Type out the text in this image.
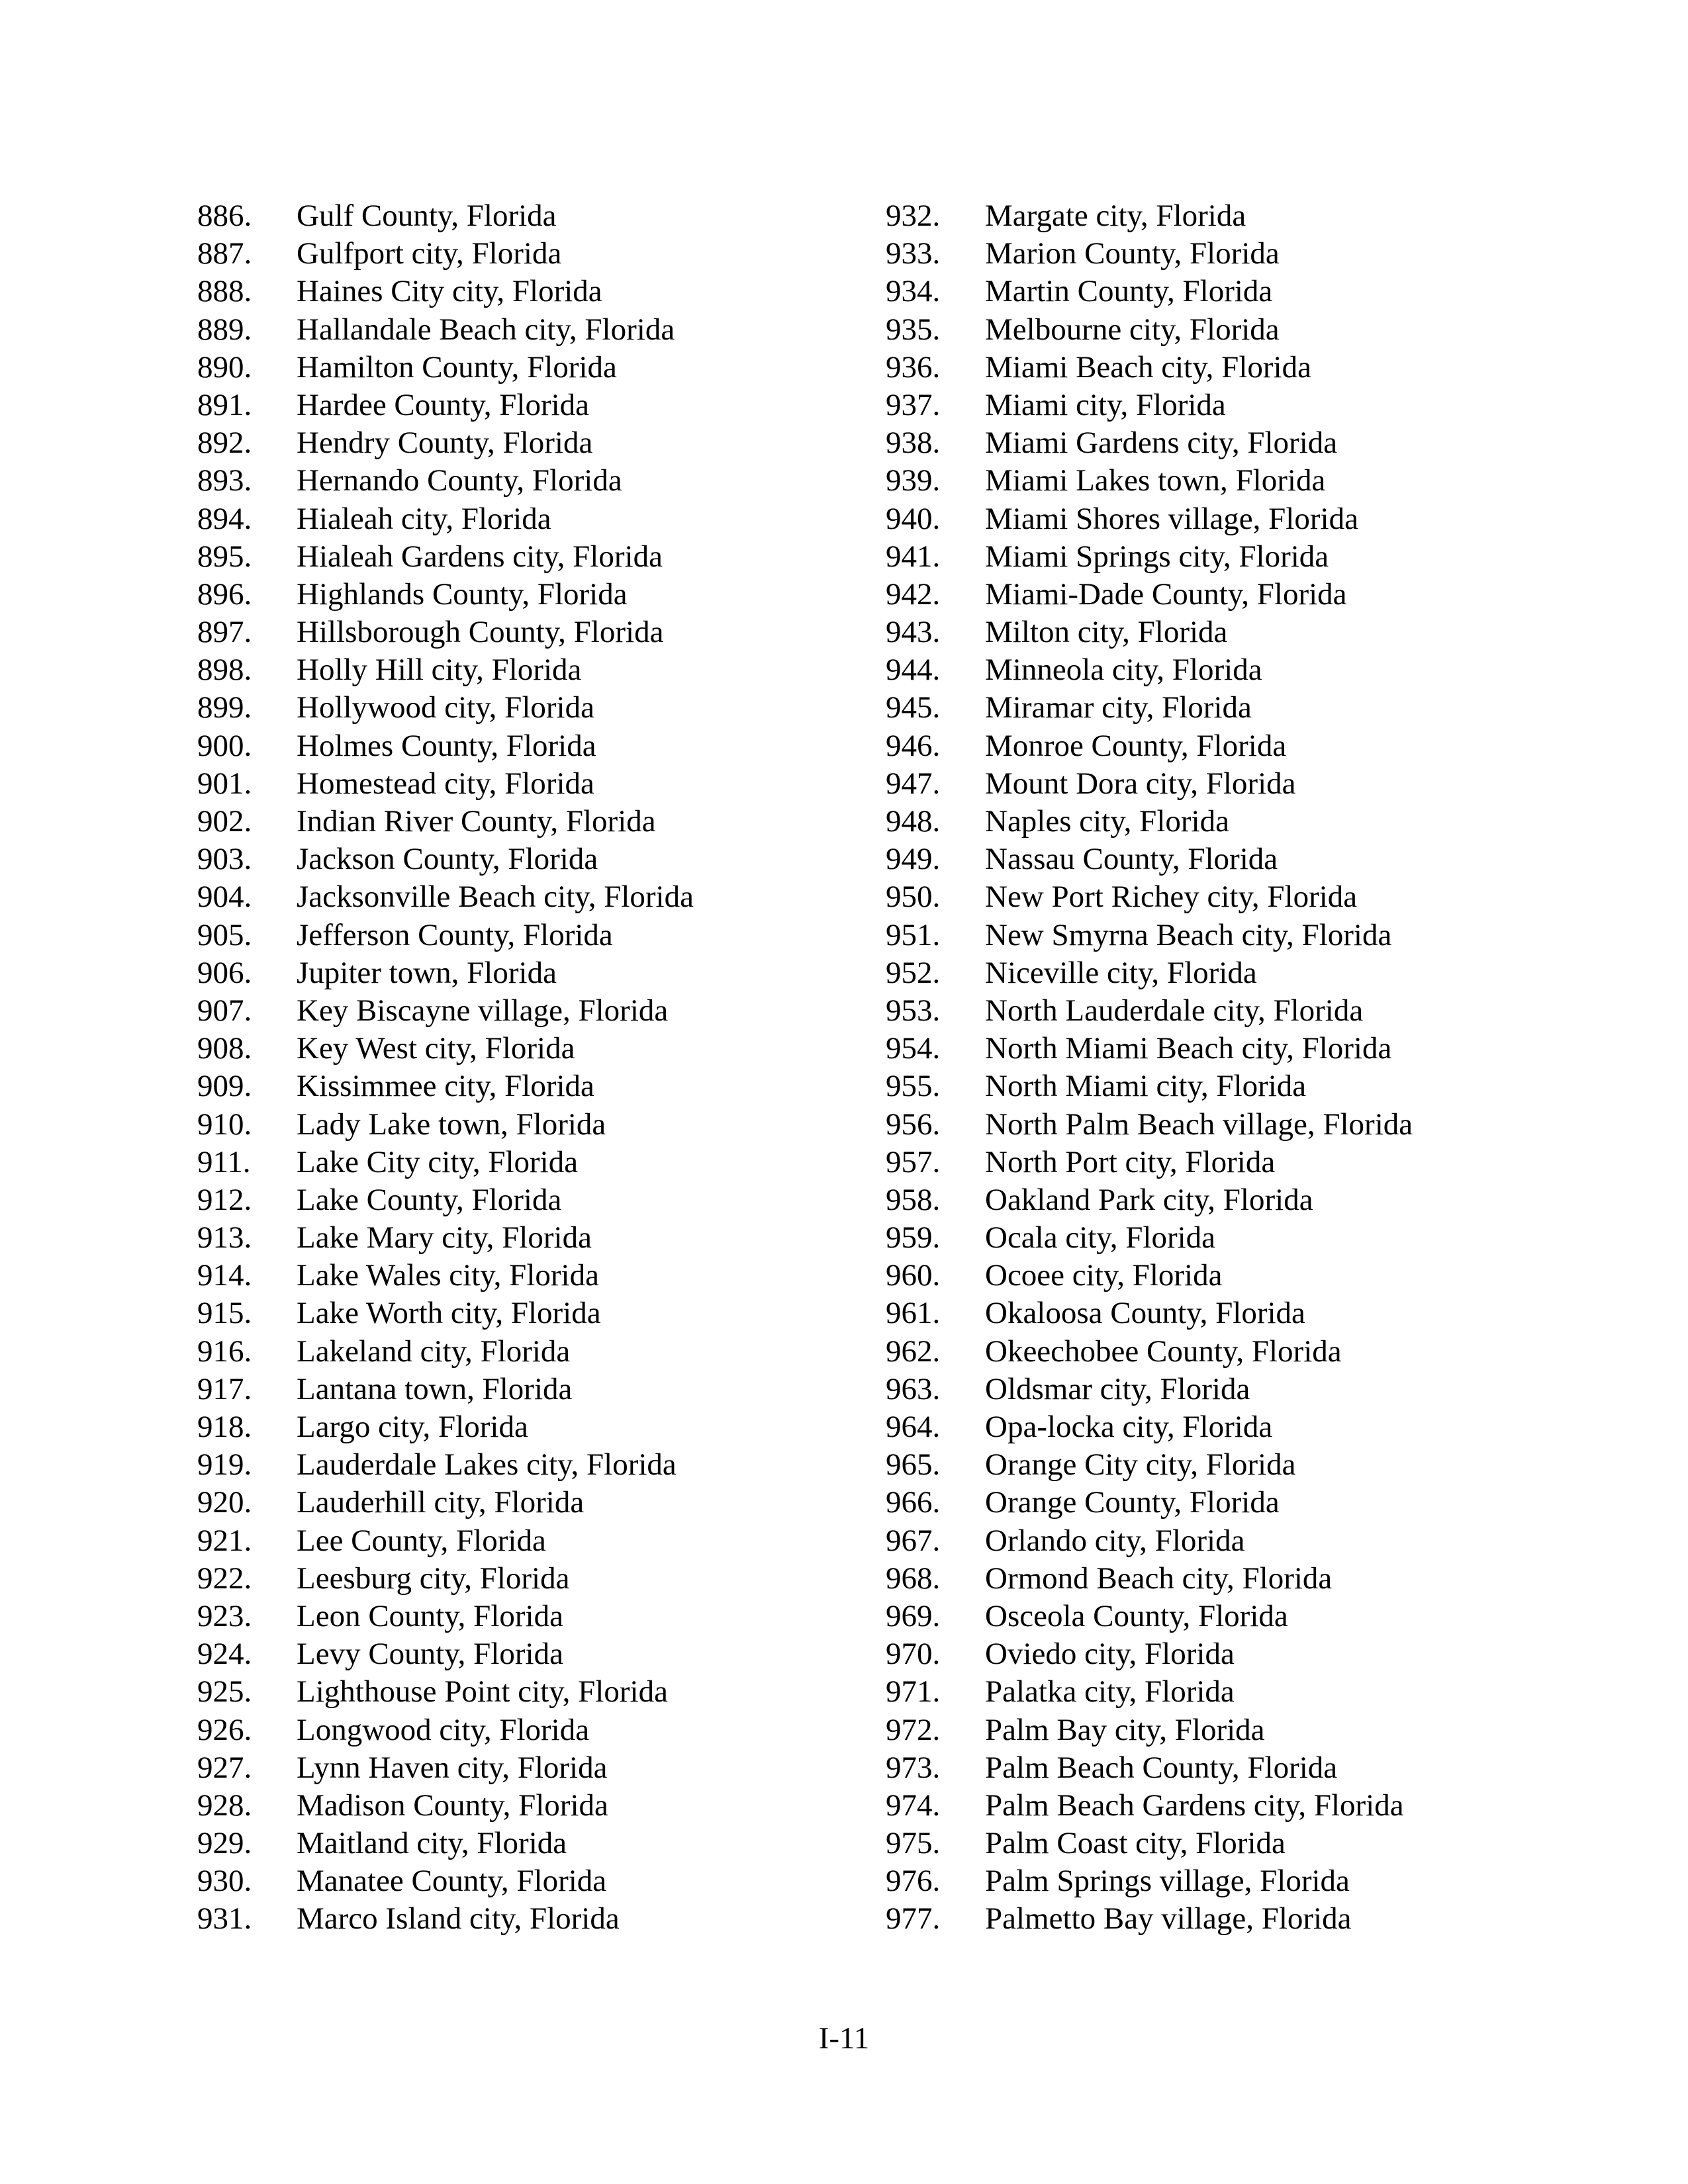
886. Gulf County, Florida
887. Gulfport city, Florida
888. Haines City city, Florida
889. Hallandale Beach city, Florida
890. Hamilton County, Florida
891. Hardee County, Florida
892. Hendry County, Florida
893. Hernando County, Florida
894. Hialeah city, Florida
895. Hialeah Gardens city, Florida
896. Highlands County, Florida
897. Hillsborough County, Florida
898. Holly Hill city, Florida
899. Hollywood city, Florida
900. Holmes County, Florida
901. Homestead city, Florida
902. Indian River County, Florida
903. Jackson County, Florida
904. Jacksonville Beach city, Florida
905. Jefferson County, Florida
906. Jupiter town, Florida
907. Key Biscayne village, Florida
908. Key West city, Florida
909. Kissimmee city, Florida
910. Lady Lake town, Florida
911. Lake City city, Florida
912. Lake County, Florida
913. Lake Mary city, Florida
914. Lake Wales city, Florida
915. Lake Worth city, Florida
916. Lakeland city, Florida
917. Lantana town, Florida
918. Largo city, Florida
919. Lauderdale Lakes city, Florida
920. Lauderhill city, Florida
921. Lee County, Florida
922. Leesburg city, Florida
923. Leon County, Florida
924. Levy County, Florida
925. Lighthouse Point city, Florida
926. Longwood city, Florida
927. Lynn Haven city, Florida
928. Madison County, Florida
929. Maitland city, Florida
930. Manatee County, Florida
931. Marco Island city, Florida
932. Margate city, Florida
933. Marion County, Florida
934. Martin County, Florida
935. Melbourne city, Florida
936. Miami Beach city, Florida
937. Miami city, Florida
938. Miami Gardens city, Florida
939. Miami Lakes town, Florida
940. Miami Shores village, Florida
941. Miami Springs city, Florida
942. Miami-Dade County, Florida
943. Milton city, Florida
944. Minneola city, Florida
945. Miramar city, Florida
946. Monroe County, Florida
947. Mount Dora city, Florida
948. Naples city, Florida
949. Nassau County, Florida
950. New Port Richey city, Florida
951. New Smyrna Beach city, Florida
952. Niceville city, Florida
953. North Lauderdale city, Florida
954. North Miami Beach city, Florida
955. North Miami city, Florida
956. North Palm Beach village, Florida
957. North Port city, Florida
958. Oakland Park city, Florida
959. Ocala city, Florida
960. Ocoee city, Florida
961. Okaloosa County, Florida
962. Okeechobee County, Florida
963. Oldsmar city, Florida
964. Opa-locka city, Florida
965. Orange City city, Florida
966. Orange County, Florida
967. Orlando city, Florida
968. Ormond Beach city, Florida
969. Osceola County, Florida
970. Oviedo city, Florida
971. Palatka city, Florida
972. Palm Bay city, Florida
973. Palm Beach County, Florida
974. Palm Beach Gardens city, Florida
975. Palm Coast city, Florida
976. Palm Springs village, Florida
977. Palmetto Bay village, Florida
I-11
